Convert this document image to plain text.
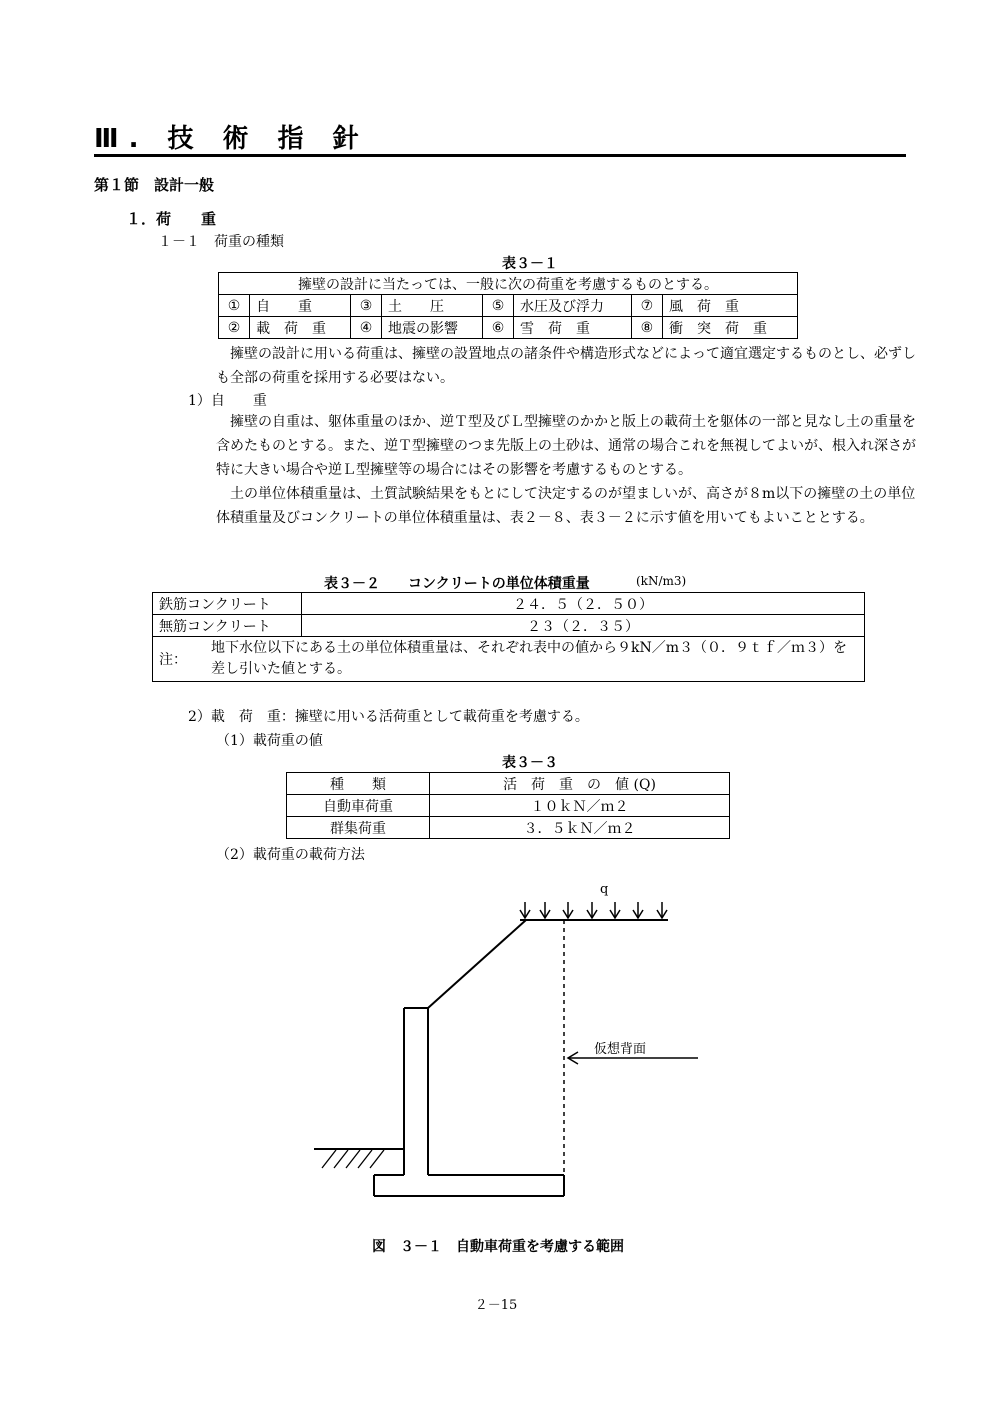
Ⅲ. 技 術 指 針
第１節　設計一般
１．荷　　重
１－１　荷重の種類
表３－１
擁壁の設計に当たっては、一般に次の荷重を考慮するものとする。							
①	自　　重	③	土　　圧	⑤	水圧及び浮力	⑦	風　荷　重
②	載　荷　重	④	地震の影響	⑥	雪　荷　重	⑧	衝　突　荷　重
擁壁の設計に用いる荷重は、擁壁の設置地点の諸条件や構造形式などによって適宜選定するものとし、必ずしも全部の荷重を採用する必要はない。
1）自　　重
擁壁の自重は、躯体重量のほか、逆Ｔ型及びＬ型擁壁のかかと版上の載荷土を躯体の一部と見なし土の重量を含めたものとする。また、逆Ｔ型擁壁のつま先版上の土砂は、通常の場合これを無視してよいが、根入れ深さが特に大きい場合や逆Ｌ型擁壁等の場合にはその影響を考慮するものとする。
土の単位体積重量は、土質試験結果をもとにして決定するのが望ましいが、高さが８m以下の擁壁の土の単位体積重量及びコンクリートの単位体積重量は、表２－８、表３－２に示す値を用いてもよいこととする。
表３－２　　コンクリートの単位体積重量	(kN/m3)
鉄筋コンクリート	２４．５（２．５０）
無筋コンクリート	２３（２．３５）

注：
地下水位以下にある土の単位体積重量は、それぞれ表中の値から９kN／m３（０．９ｔｆ／ｍ３）を差し引いた値とする。	
2）載　荷　重：擁壁に用いる活荷重として載荷重を考慮する。
（1）載荷重の値
表３－３
種　　類	活　荷　重　の　値 (Q)
自動車荷重	１０ｋＮ／ｍ２
群集荷重	３．５ｋＮ／ｍ２
（2）載荷重の載荷方法
q
仮想背面
図　３－１　自動車荷重を考慮する範囲
２－15
